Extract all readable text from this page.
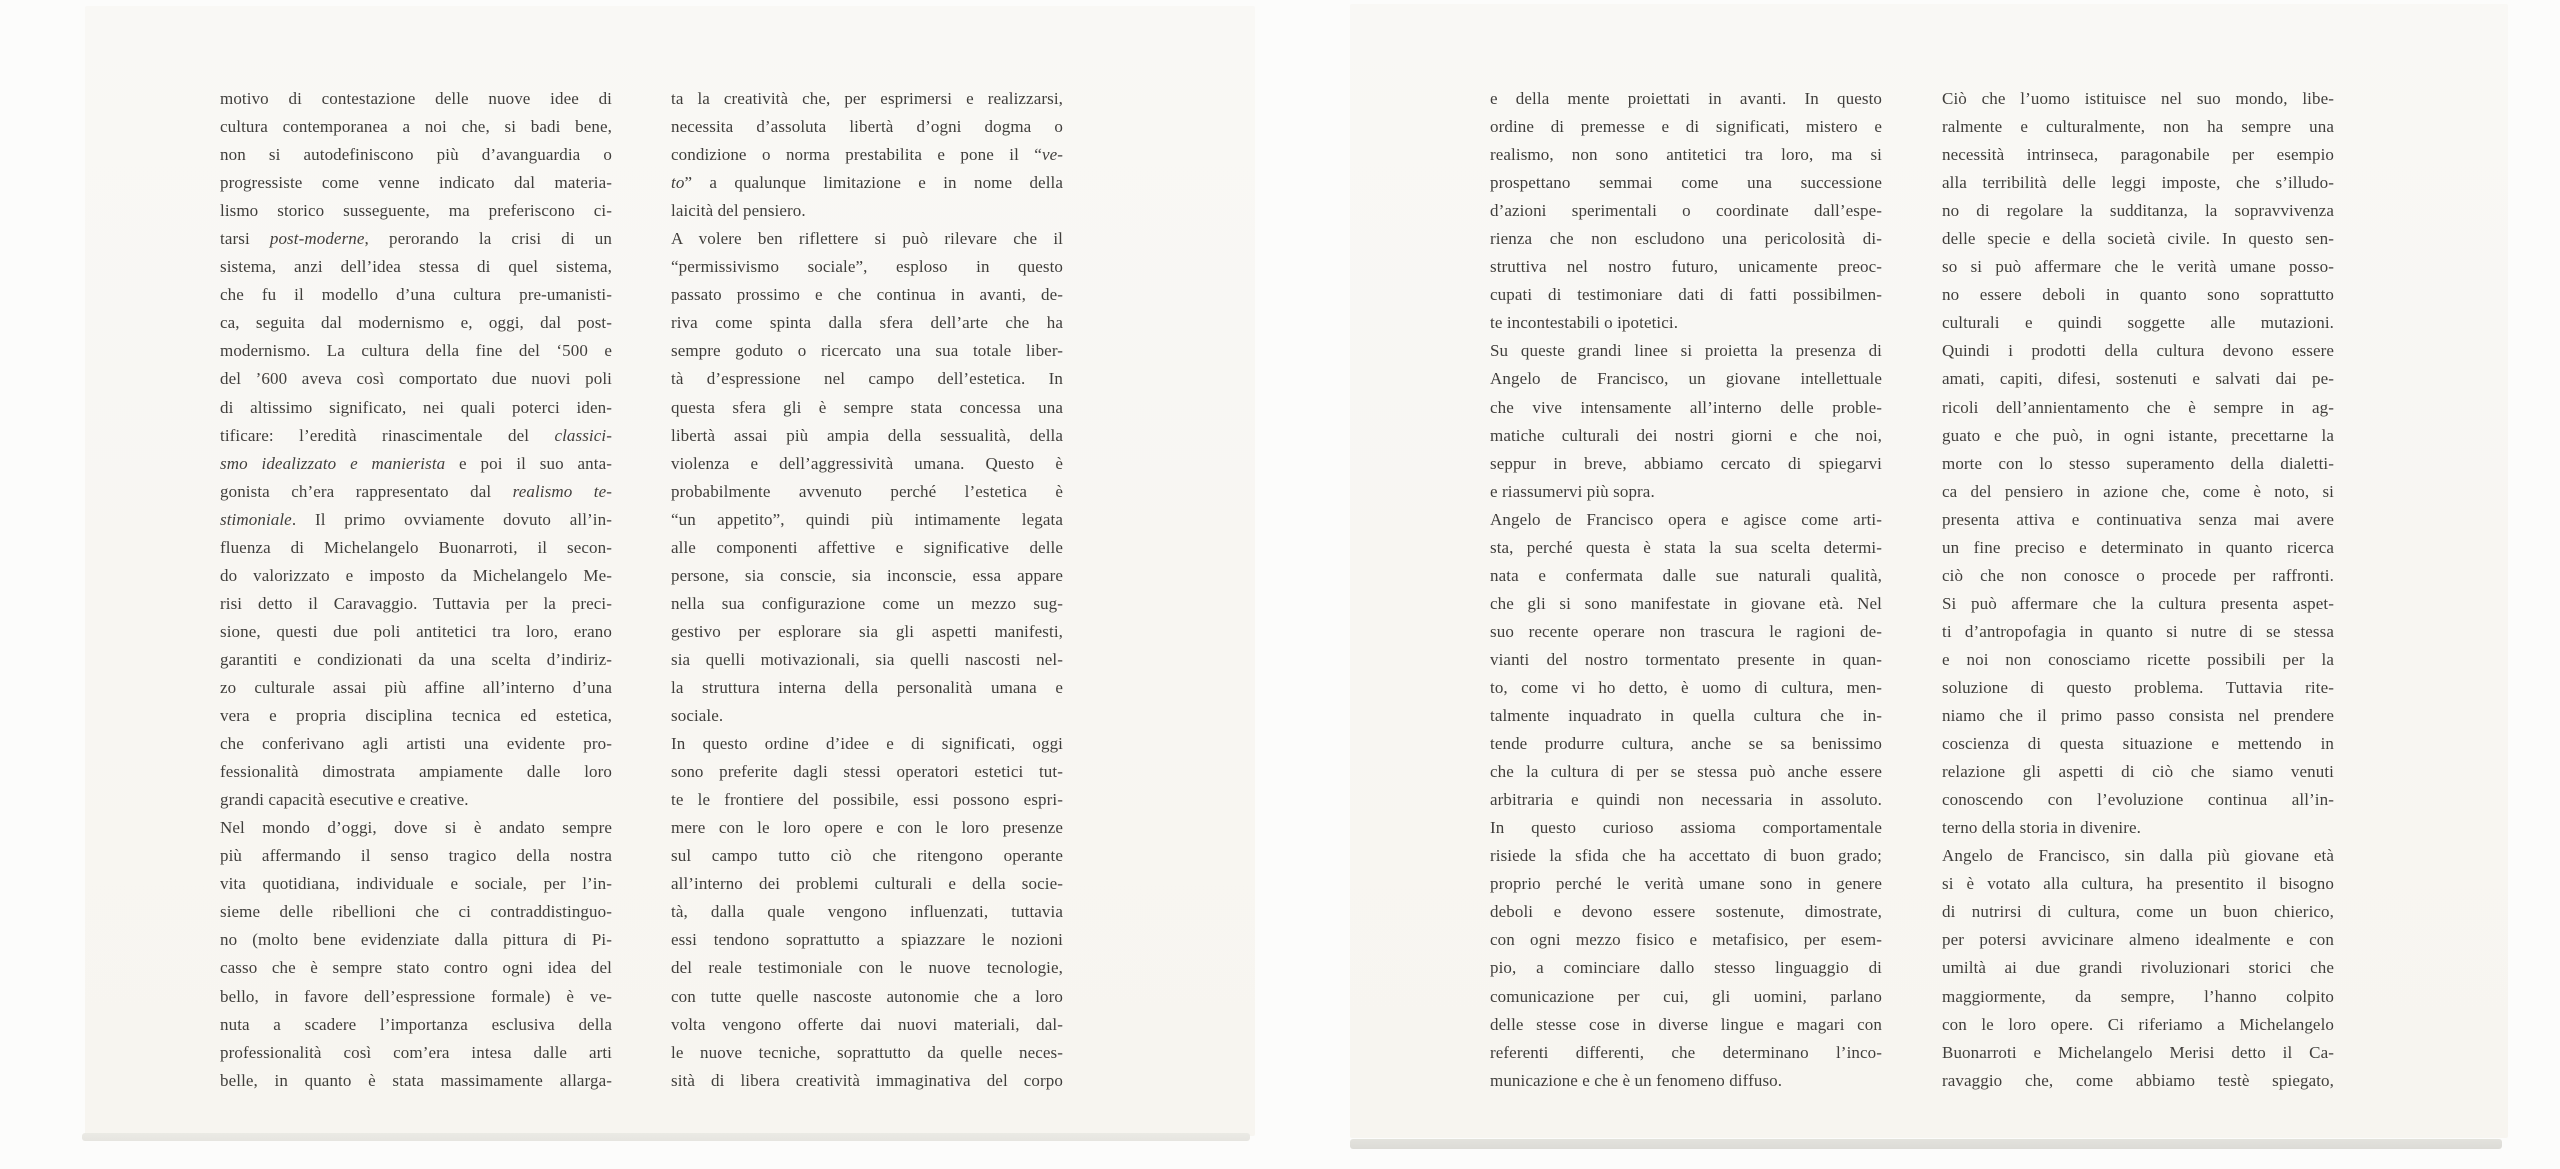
motivo di contestazione delle nuove idee di
cultura contemporanea a noi che, si badi bene,
non si autodefiniscono più d’avanguardia o
progressiste come venne indicato dal materia-
lismo storico susseguente, ma preferiscono ci-
tarsi post-moderne, perorando la crisi di un
sistema, anzi dell’idea stessa di quel sistema,
che fu il modello d’una cultura pre-umanisti-
ca, seguita dal modernismo e, oggi, dal post-
modernismo. La cultura della fine del ‘500 e
del ’600 aveva così comportato due nuovi poli
di altissimo significato, nei quali poterci iden-
tificare: l’eredità rinascimentale del classici-
smo idealizzato e manierista e poi il suo anta-
gonista ch’era rappresentato dal realismo te-
stimoniale. Il primo ovviamente dovuto all’in-
fluenza di Michelangelo Buonarroti, il secon-
do valorizzato e imposto da Michelangelo Me-
risi detto il Caravaggio. Tuttavia per la preci-
sione, questi due poli antitetici tra loro, erano
garantiti e condizionati da una scelta d’indiriz-
zo culturale assai più affine all’interno d’una
vera e propria disciplina tecnica ed estetica,
che conferivano agli artisti una evidente pro-
fessionalità dimostrata ampiamente dalle loro
grandi capacità esecutive e creative.
Nel mondo d’oggi, dove si è andato sempre
più affermando il senso tragico della nostra
vita quotidiana, individuale e sociale, per l’in-
sieme delle ribellioni che ci contraddistinguo-
no (molto bene evidenziate dalla pittura di Pi-
casso che è sempre stato contro ogni idea del
bello, in favore dell’espressione formale) è ve-
nuta a scadere l’importanza esclusiva della
professionalità così com’era intesa dalle arti
belle, in quanto è stata massimamente allarga-
ta la creatività che, per esprimersi e realizzarsi,
necessita d’assoluta libertà d’ogni dogma o
condizione o norma prestabilita e pone il “ve-
to” a qualunque limitazione e in nome della
laicità del pensiero.
A volere ben riflettere si può rilevare che il
“permissivismo sociale”, esploso in questo
passato prossimo e che continua in avanti, de-
riva come spinta dalla sfera dell’arte che ha
sempre goduto o ricercato una sua totale liber-
tà d’espressione nel campo dell’estetica. In
questa sfera gli è sempre stata concessa una
libertà assai più ampia della sessualità, della
violenza e dell’aggressività umana. Questo è
probabilmente avvenuto perché l’estetica è
“un appetito”, quindi più intimamente legata
alle componenti affettive e significative delle
persone, sia conscie, sia inconscie, essa appare
nella sua configurazione come un mezzo sug-
gestivo per esplorare sia gli aspetti manifesti,
sia quelli motivazionali, sia quelli nascosti nel-
la struttura interna della personalità umana e
sociale.
In questo ordine d’idee e di significati, oggi
sono preferite dagli stessi operatori estetici tut-
te le frontiere del possibile, essi possono espri-
mere con le loro opere e con le loro presenze
sul campo tutto ciò che ritengono operante
all’interno dei problemi culturali e della socie-
tà, dalla quale vengono influenzati, tuttavia
essi tendono soprattutto a spiazzare le nozioni
del reale testimoniale con le nuove tecnologie,
con tutte quelle nascoste autonomie che a loro
volta vengono offerte dai nuovi materiali, dal-
le nuove tecniche, soprattutto da quelle neces-
sità di libera creatività immaginativa del corpo
e della mente proiettati in avanti. In questo
ordine di premesse e di significati, mistero e
realismo, non sono antitetici tra loro, ma si
prospettano semmai come una successione
d’azioni sperimentali o coordinate dall’espe-
rienza che non escludono una pericolosità di-
struttiva nel nostro futuro, unicamente preoc-
cupati di testimoniare dati di fatti possibilmen-
te incontestabili o ipotetici.
Su queste grandi linee si proietta la presenza di
Angelo de Francisco, un giovane intellettuale
che vive intensamente all’interno delle proble-
matiche culturali dei nostri giorni e che noi,
seppur in breve, abbiamo cercato di spiegarvi
e riassumervi più sopra.
Angelo de Francisco opera e agisce come arti-
sta, perché questa è stata la sua scelta determi-
nata e confermata dalle sue naturali qualità,
che gli si sono manifestate in giovane età. Nel
suo recente operare non trascura le ragioni de-
vianti del nostro tormentato presente in quan-
to, come vi ho detto, è uomo di cultura, men-
talmente inquadrato in quella cultura che in-
tende produrre cultura, anche se sa benissimo
che la cultura di per se stessa può anche essere
arbitraria e quindi non necessaria in assoluto.
In questo curioso assioma comportamentale
risiede la sfida che ha accettato di buon grado;
proprio perché le verità umane sono in genere
deboli e devono essere sostenute, dimostrate,
con ogni mezzo fisico e metafisico, per esem-
pio, a cominciare dallo stesso linguaggio di
comunicazione per cui, gli uomini, parlano
delle stesse cose in diverse lingue e magari con
referenti differenti, che determinano l’inco-
municazione e che è un fenomeno diffuso.
Ciò che l’uomo istituisce nel suo mondo, libe-
ralmente e culturalmente, non ha sempre una
necessità intrinseca, paragonabile per esempio
alla terribilità delle leggi imposte, che s’illudo-
no di regolare la sudditanza, la sopravvivenza
delle specie e della società civile. In questo sen-
so si può affermare che le verità umane posso-
no essere deboli in quanto sono soprattutto
culturali e quindi soggette alle mutazioni.
Quindi i prodotti della cultura devono essere
amati, capiti, difesi, sostenuti e salvati dai pe-
ricoli dell’annientamento che è sempre in ag-
guato e che può, in ogni istante, precettarne la
morte con lo stesso superamento della dialetti-
ca del pensiero in azione che, come è noto, si
presenta attiva e continuativa senza mai avere
un fine preciso e determinato in quanto ricerca
ciò che non conosce o procede per raffronti.
Si può affermare che la cultura presenta aspet-
ti d’antropofagia in quanto si nutre di se stessa
e noi non conosciamo ricette possibili per la
soluzione di questo problema. Tuttavia rite-
niamo che il primo passo consista nel prendere
coscienza di questa situazione e mettendo in
relazione gli aspetti di ciò che siamo venuti
conoscendo con l’evoluzione continua all’in-
terno della storia in divenire.
Angelo de Francisco, sin dalla più giovane età
si è votato alla cultura, ha presentito il bisogno
di nutrirsi di cultura, come un buon chierico,
per potersi avvicinare almeno idealmente e con
umiltà ai due grandi rivoluzionari storici che
maggiormente, da sempre, l’hanno colpito
con le loro opere. Ci riferiamo a Michelangelo
Buonarroti e Michelangelo Merisi detto il Ca-
ravaggio che, come abbiamo testè spiegato,
